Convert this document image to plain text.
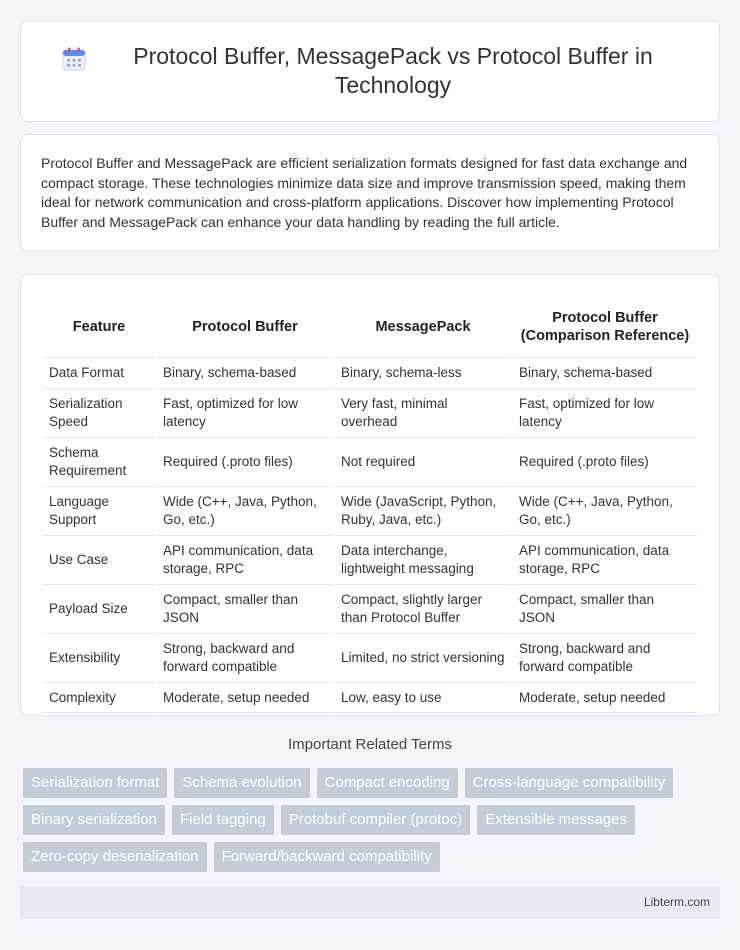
Protocol Buffer, MessagePack vs Protocol Buffer in Technology

Protocol Buffer and MessagePack are efficient serialization formats designed for fast data exchange and compact storage. These technologies minimize data size and improve transmission speed, making them ideal for network communication and cross-platform applications. Discover how implementing Protocol Buffer and MessagePack can enhance your data handling by reading the full article.

Feature	Protocol Buffer	MessagePack	Protocol Buffer (Comparison Reference)
Data Format	Binary, schema-based	Binary, schema-less	Binary, schema-based
Serialization Speed	Fast, optimized for low latency	Very fast, minimal overhead	Fast, optimized for low latency
Schema Requirement	Required (.proto files)	Not required	Required (.proto files)
Language Support	Wide (C++, Java, Python, Go, etc.)	Wide (JavaScript, Python, Ruby, Java, etc.)	Wide (C++, Java, Python, Go, etc.)
Use Case	API communication, data storage, RPC	Data interchange, lightweight messaging	API communication, data storage, RPC
Payload Size	Compact, smaller than JSON	Compact, slightly larger than Protocol Buffer	Compact, smaller than JSON
Extensibility	Strong, backward and forward compatible	Limited, no strict versioning	Strong, backward and forward compatible
Complexity	Moderate, setup needed	Low, easy to use	Moderate, setup needed
Important Related Terms
Serialization format	Schema evolution	Compact encoding	Cross-language compatibility
Binary serialization	Field tagging	Protobuf compiler (protoc)	Extensible messages
Zero-copy deserialization	Forward/backward compatibility
Libterm.com
